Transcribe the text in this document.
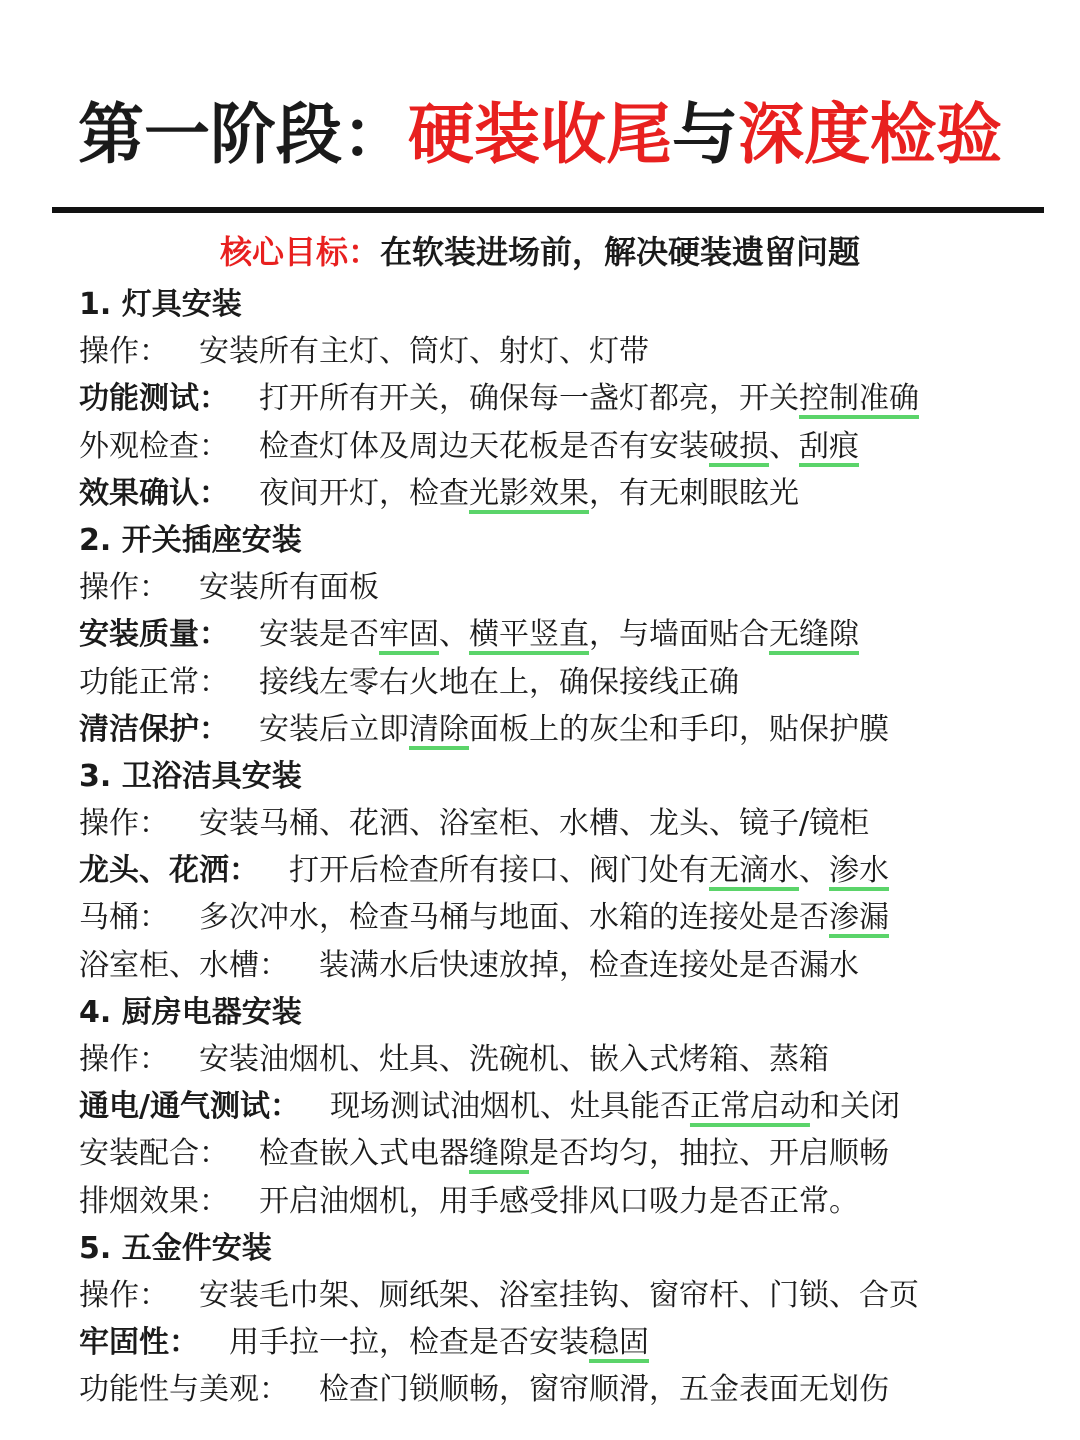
第一阶段：硬装收尾与深度检验
核心目标：在软装进场前，解决硬装遗留问题
1. 灯具安装
操作：  安装所有主灯、筒灯、射灯、灯带
功能测试：  打开所有开关，确保每一盏灯都亮，开关控制准确
外观检查：  检查灯体及周边天花板是否有安装破损、刮痕
效果确认：  夜间开灯，检查光影效果，有无刺眼眩光
2. 开关插座安装
操作：  安装所有面板
安装质量：  安装是否牢固、横平竖直，与墙面贴合无缝隙
功能正常：  接线左零右火地在上，确保接线正确
清洁保护：  安装后立即清除面板上的灰尘和手印，贴保护膜
3. 卫浴洁具安装
操作：  安装马桶、花洒、浴室柜、水槽、龙头、镜子/镜柜
龙头、花洒：  打开后检查所有接口、阀门处有无滴水、渗水
马桶：  多次冲水，检查马桶与地面、水箱的连接处是否渗漏
浴室柜、水槽：  装满水后快速放掉，检查连接处是否漏水
4. 厨房电器安装
操作：  安装油烟机、灶具、洗碗机、嵌入式烤箱、蒸箱
通电/通气测试：  现场测试油烟机、灶具能否正常启动和关闭
安装配合：  检查嵌入式电器缝隙是否均匀，抽拉、开启顺畅
排烟效果：  开启油烟机，用手感受排风口吸力是否正常。
5. 五金件安装
操作：  安装毛巾架、厕纸架、浴室挂钩、窗帘杆、门锁、合页
牢固性：  用手拉一拉，检查是否安装稳固
功能性与美观：  检查门锁顺畅，窗帘顺滑，五金表面无划伤
